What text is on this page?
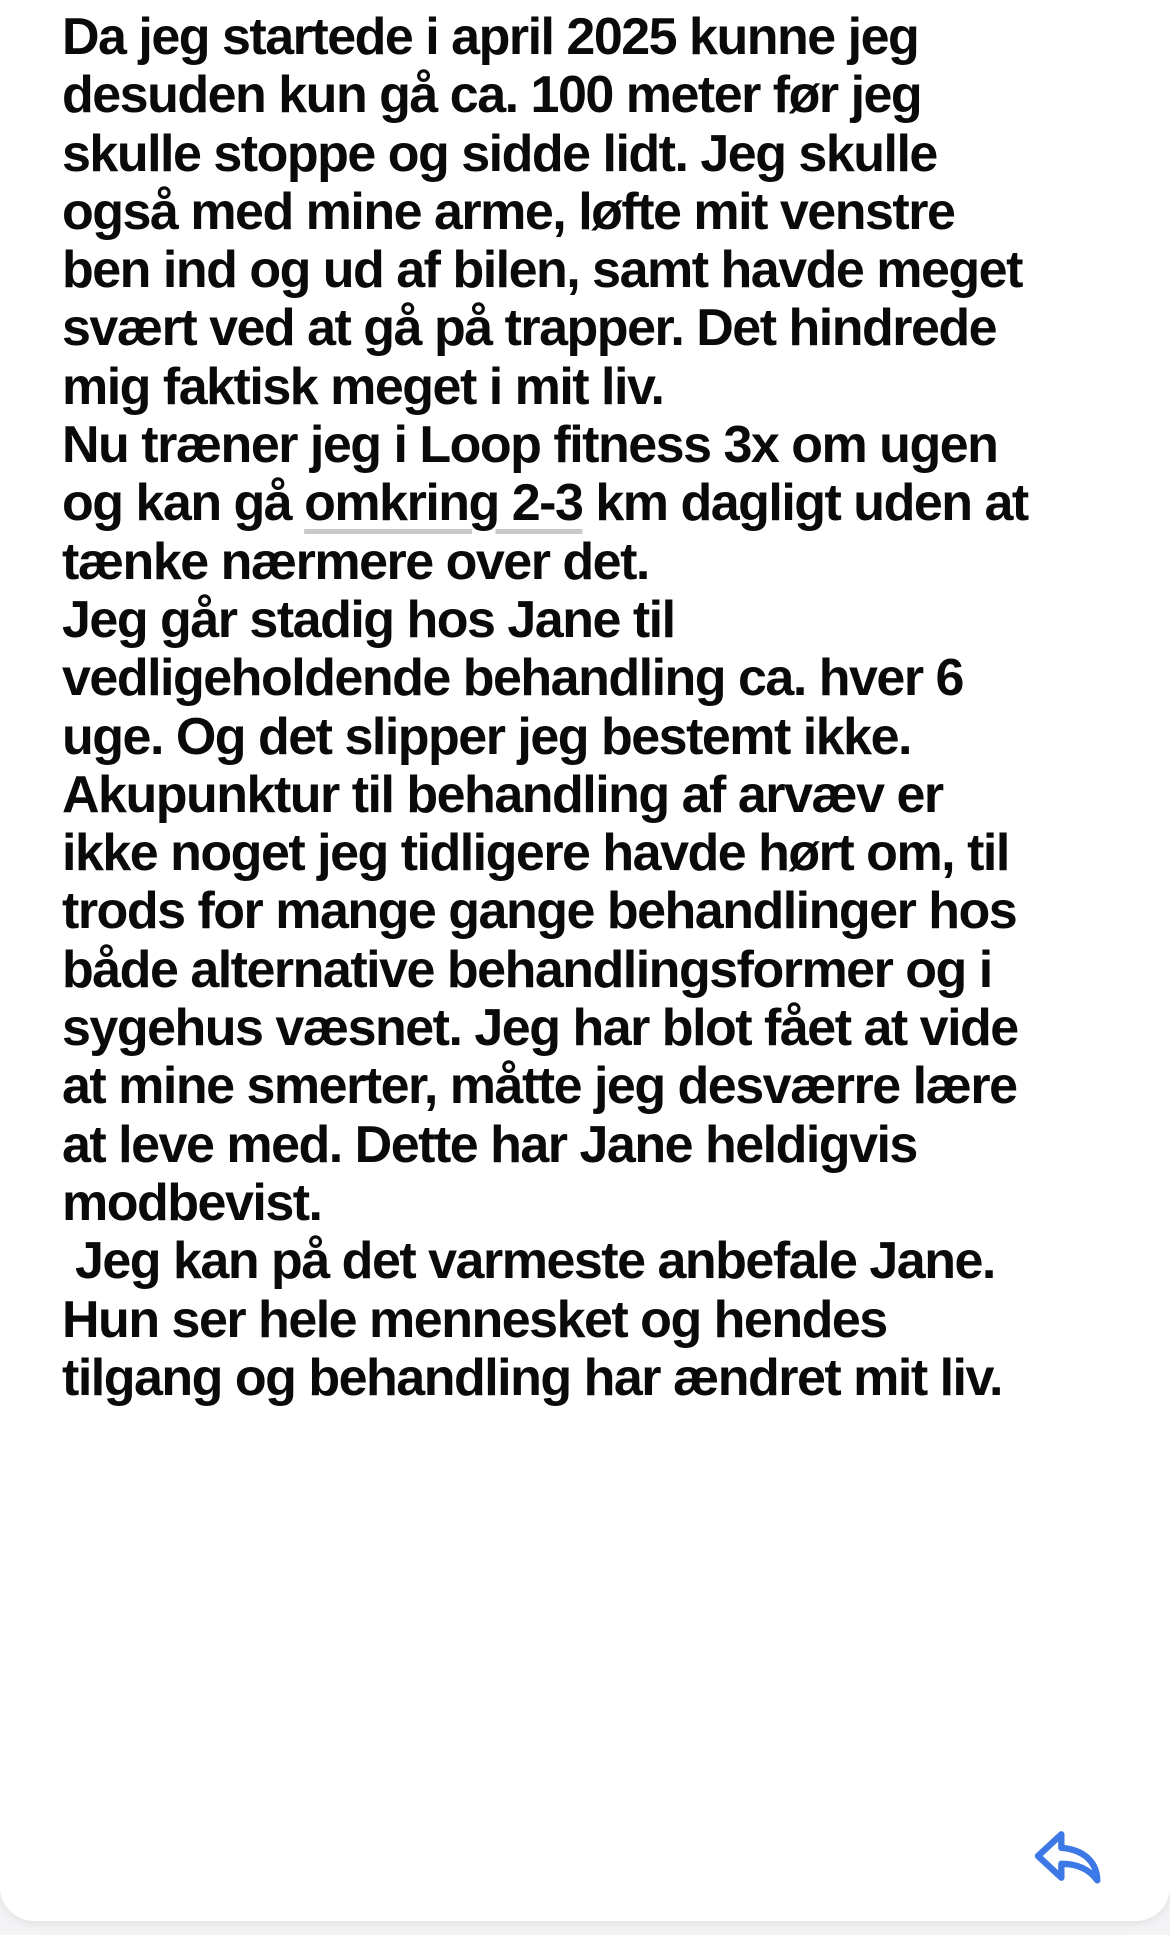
Da jeg startede i april 2025 kunne jeg
desuden kun gå ca. 100 meter før jeg
skulle stoppe og sidde lidt. Jeg skulle
også med mine arme, løfte mit venstre
ben ind og ud af bilen, samt havde meget
svært ved at gå på trapper. Det hindrede
mig faktisk meget i mit liv.
Nu træner jeg i Loop fitness 3x om ugen
og kan gå omkring 2-3 km dagligt uden at
tænke nærmere over det.
Jeg går stadig hos Jane til
vedligeholdende behandling ca. hver 6
uge. Og det slipper jeg bestemt ikke.
Akupunktur til behandling af arvæv er
ikke noget jeg tidligere havde hørt om, til
trods for mange gange behandlinger hos
både alternative behandlingsformer og i
sygehus væsnet. Jeg har blot fået at vide
at mine smerter, måtte jeg desværre lære
at leve med. Dette har Jane heldigvis
modbevist.
Jeg kan på det varmeste anbefale Jane.
Hun ser hele mennesket og hendes
tilgang og behandling har ændret mit liv.
